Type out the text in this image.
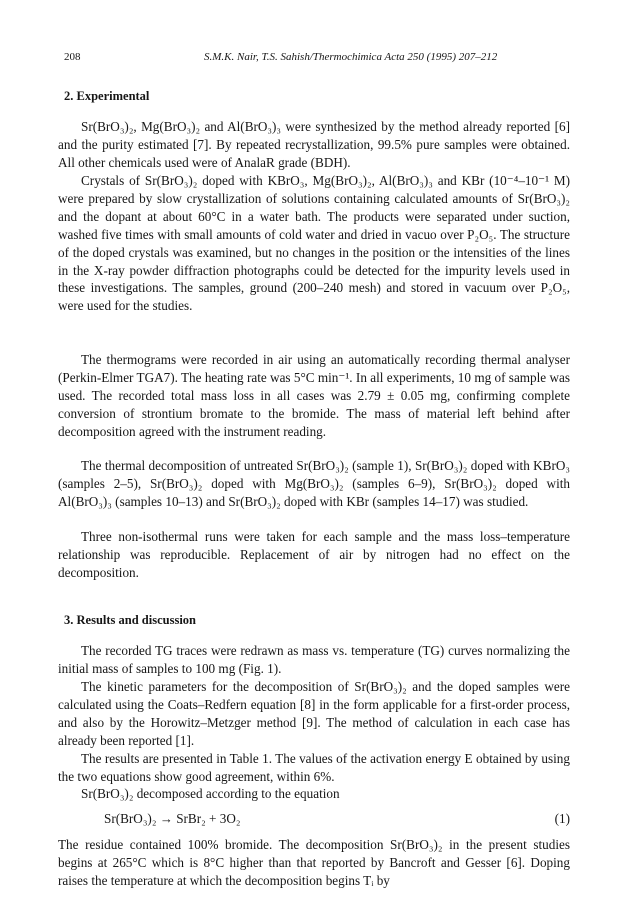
208	S.M.K. Nair, T.S. Sahish/Thermochimica Acta 250 (1995) 207–212
2. Experimental

Sr(BrO₃)₂, Mg(BrO₃)₂ and Al(BrO₃)₃ were synthesized by the method already reported [6] and the purity estimated [7]. By repeated recrystallization, 99.5% pure samples were obtained. All other chemicals used were of AnalaR grade (BDH).

Crystals of Sr(BrO₃)₂ doped with KBrO₃, Mg(BrO₃)₂, Al(BrO₃)₃ and KBr (10⁻⁴–10⁻¹ M) were prepared by slow crystallization of solutions containing calculated amounts of Sr(BrO₃)₂ and the dopant at about 60°C in a water bath. The products were separated under suction, washed five times with small amounts of cold water and dried in vacuo over P₂O₅. The structure of the doped crystals was examined, but no changes in the position or the intensities of the lines in the X-ray powder diffraction photographs could be detected for the impurity levels used in these investigations. The samples, ground (200–240 mesh) and stored in vacuum over P₂O₅, were used for the studies.

The thermograms were recorded in air using an automatically recording thermal analyser (Perkin-Elmer TGA7). The heating rate was 5°C min⁻¹. In all experiments, 10 mg of sample was used. The recorded total mass loss in all cases was 2.79 ± 0.05 mg, confirming complete conversion of strontium bromate to the bromide. The mass of material left behind after decomposition agreed with the instrument reading.

The thermal decomposition of untreated Sr(BrO₃)₂ (sample 1), Sr(BrO₃)₂ doped with KBrO₃ (samples 2–5), Sr(BrO₃)₂ doped with Mg(BrO₃)₂ (samples 6–9), Sr(BrO₃)₂ doped with Al(BrO₃)₃ (samples 10–13) and Sr(BrO₃)₂ doped with KBr (samples 14–17) was studied.

Three non-isothermal runs were taken for each sample and the mass loss–temperature relationship was reproducible. Replacement of air by nitrogen had no effect on the decomposition.

3. Results and discussion

The recorded TG traces were redrawn as mass vs. temperature (TG) curves normalizing the initial mass of samples to 100 mg (Fig. 1).

The kinetic parameters for the decomposition of Sr(BrO₃)₂ and the doped samples were calculated using the Coats–Redfern equation [8] in the form applicable for a first-order process, and also by the Horowitz–Metzger method [9]. The method of calculation in each case has already been reported [1].

The results are presented in Table 1. The values of the activation energy E obtained by using the two equations show good agreement, within 6%.

Sr(BrO₃)₂ decomposed according to the equation

Sr(BrO₃)₂ → SrBr₂ + 3O₂	(1)

The residue contained 100% bromide. The decomposition Sr(BrO₃)₂ in the present studies begins at 265°C which is 8°C higher than that reported by Bancroft and Gesser [6]. Doping raises the temperature at which the decomposition begins Tᵢ by
